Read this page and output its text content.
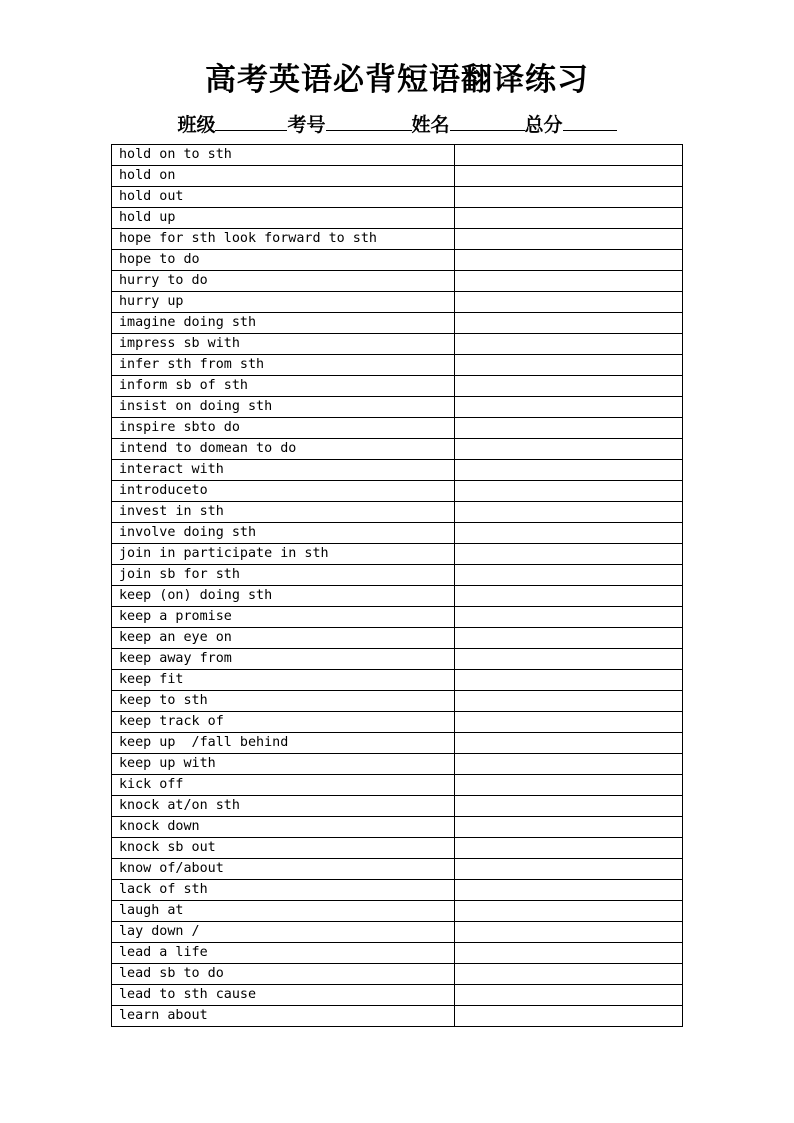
高考英语必背短语翻译练习
班级	考号	姓名	总分
hold on to sth	
hold on	
hold out	
hold up	
hope for sth look forward to sth	
hope to do	
hurry to do	
hurry up	
imagine doing sth	
impress sb with	
infer sth from sth	
inform sb of sth	
insist on doing sth	
inspire sbto do	
intend to domean to do	
interact with	
introduceto	
invest in sth	
involve doing sth	
join in participate in sth	
join sb for sth	
keep (on) doing sth	
keep a promise	
keep an eye on	
keep away from	
keep fit	
keep to sth	
keep track of	
keep up  /fall behind	
keep up with	
kick off	
knock at/on sth	
knock down	
knock sb out	
know of/about	
lack of sth	
laugh at	
lay down /	
lead a life	
lead sb to do	
lead to sth cause	
learn about	
